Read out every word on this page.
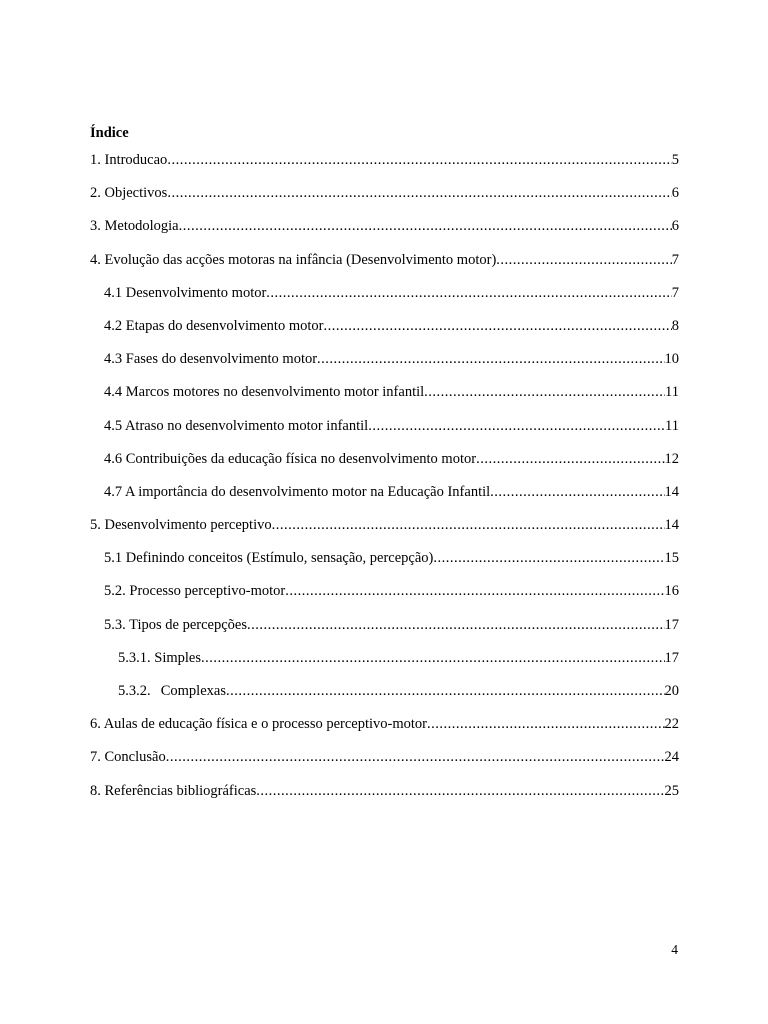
Índice
1. Introducao .....	5
2. Objectivos .....	6
3. Metodologia .....	6
4. Evolução das acções motoras na infância (Desenvolvimento motor) .....	7
4.1 Desenvolvimento motor .....	7
4.2 Etapas do desenvolvimento motor .....	8
4.3 Fases do desenvolvimento motor .....	10
4.4 Marcos motores no desenvolvimento motor infantil .....	11
4.5 Atraso no desenvolvimento motor infantil .....	11
4.6 Contribuições da educação física no desenvolvimento motor .....	12
4.7 A importância do desenvolvimento motor na Educação Infantil .....	14
5. Desenvolvimento perceptivo .....	14
5.1 Definindo conceitos (Estímulo, sensação, percepção) .....	15
5.2. Processo perceptivo-motor .....	16
5.3. Tipos de percepções .....	17
5.3.1. Simples .....	17
5.3.2. Complexas .....	20
6. Aulas de educação física e o processo perceptivo-motor .....	22
7. Conclusão .....	24
8. Referências bibliográficas .....	25
4
